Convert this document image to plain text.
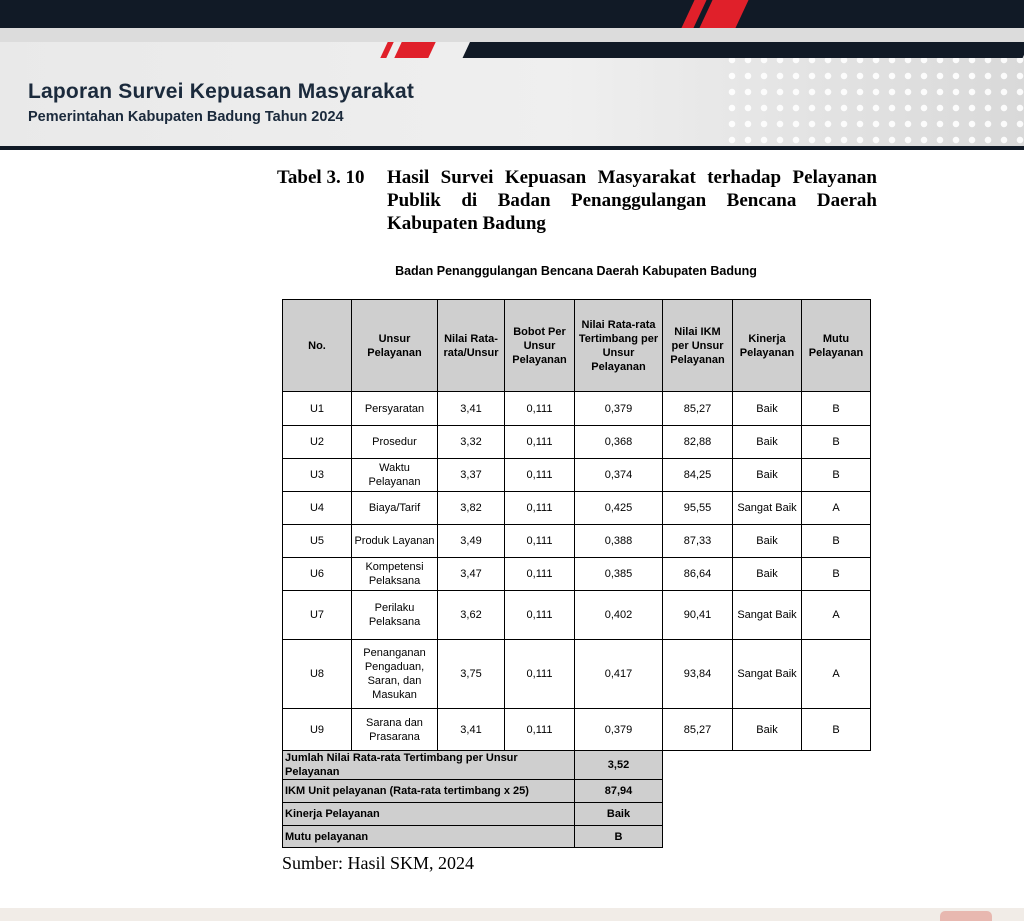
Laporan Survei Kepuasan Masyarakat
Pemerintahan Kabupaten Badung Tahun 2024
Tabel 3. 10 Hasil Survei Kepuasan Masyarakat terhadap Pelayanan Publik di Badan Penanggulangan Bencana Daerah Kabupaten Badung
Badan Penanggulangan Bencana Daerah Kabupaten Badung
No.	Unsur Pelayanan	Nilai Rata-rata/Unsur	Bobot Per Unsur Pelayanan	Nilai Rata-rata Tertimbang per Unsur Pelayanan	Nilai IKM per Unsur Pelayanan	Kinerja Pelayanan	Mutu Pelayanan
U1	Persyaratan	3,41	0,111	0,379	85,27	Baik	B
U2	Prosedur	3,32	0,111	0,368	82,88	Baik	B
U3	Waktu Pelayanan	3,37	0,111	0,374	84,25	Baik	B
U4	Biaya/Tarif	3,82	0,111	0,425	95,55	Sangat Baik	A
U5	Produk Layanan	3,49	0,111	0,388	87,33	Baik	B
U6	Kompetensi Pelaksana	3,47	0,111	0,385	86,64	Baik	B
U7	Perilaku Pelaksana	3,62	0,111	0,402	90,41	Sangat Baik	A
U8	Penanganan Pengaduan, Saran, dan Masukan	3,75	0,111	0,417	93,84	Sangat Baik	A
U9	Sarana dan Prasarana	3,41	0,111	0,379	85,27	Baik	B
Jumlah Nilai Rata-rata Tertimbang per Unsur Pelayanan				3,52			
IKM Unit pelayanan (Rata-rata tertimbang x 25)				87,94			
Kinerja Pelayanan				Baik			
Mutu pelayanan				B			
Sumber: Hasil SKM, 2024
